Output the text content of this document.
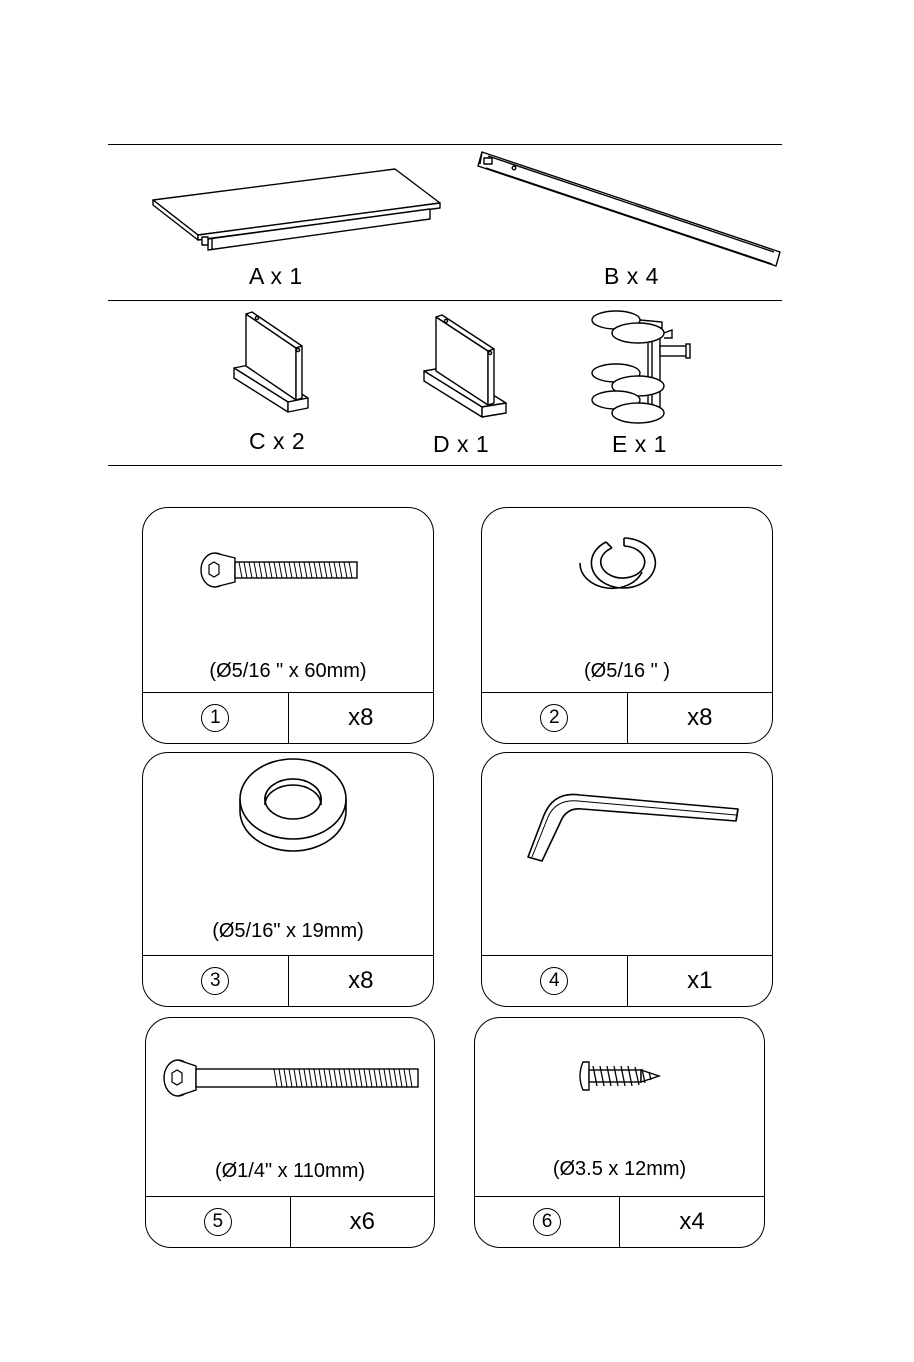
A x 1	B x 4
C x 2	D x 1	E x 1
(Ø5/16 " x 60mm)
1	x8
(Ø5/16 " )
2	x8
(Ø5/16" x 19mm)
3	x8	4	x1
(Ø1/4" x 110mm)
5	x6
(Ø3.5 x 12mm)
6	x4
